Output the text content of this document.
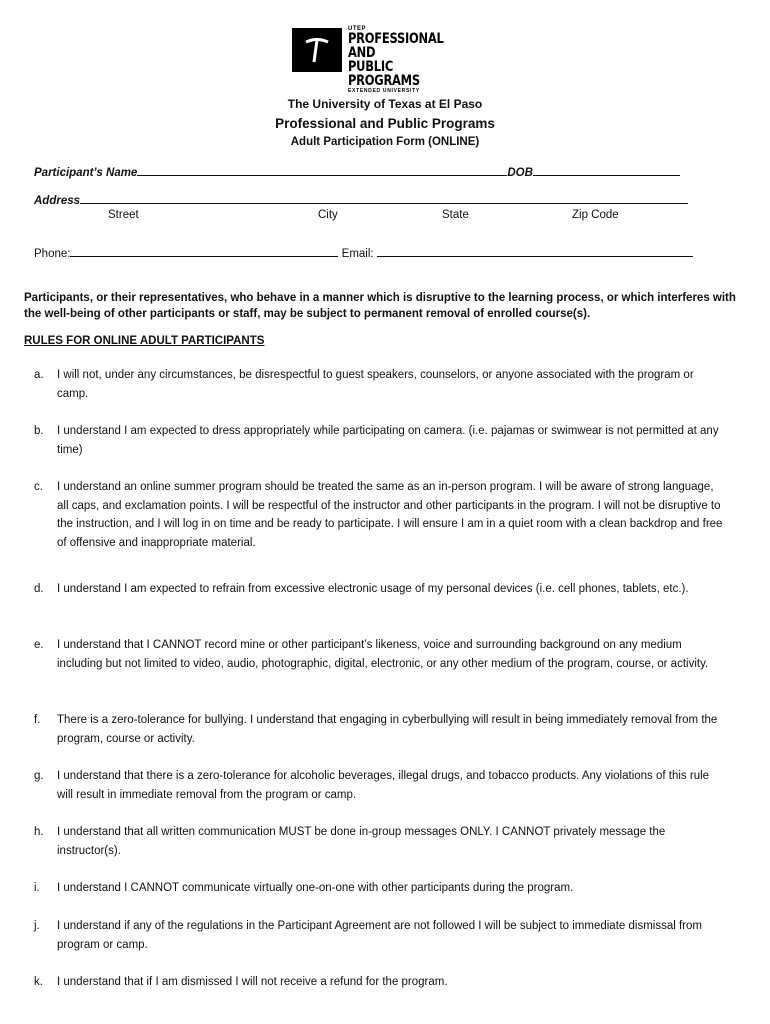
UTEP
PROFESSIONAL AND
PUBLIC PROGRAMS
EXTENDED UNIVERSITY
The University of Texas at El Paso
Professional and Public Programs
Adult Participation Form (ONLINE)
Participant’s Name	DOB
Address
Street	City	State	Zip Code
Phone:	Email:
Participants, or their representatives, who behave in a manner which is disruptive to the learning process, or which interferes with the well-being of other participants or staff, may be subject to permanent removal of enrolled course(s).
RULES FOR ONLINE ADULT PARTICIPANTS
a.	I will not, under any circumstances, be disrespectful to guest speakers, counselors, or anyone associated with the program or camp.
b.	I understand I am expected to dress appropriately while participating on camera. (i.e. pajamas or swimwear is not permitted at any time)
c.	I understand an online summer program should be treated the same as an in-person program. I will be aware of strong language, all caps, and exclamation points. I will be respectful of the instructor and other participants in the program. I will not be disruptive to the instruction, and I will log in on time and be ready to participate. I will ensure I am in a quiet room with a clean backdrop and free of offensive and inappropriate material.
d.	I understand I am expected to refrain from excessive electronic usage of my personal devices (i.e. cell phones, tablets, etc.).
e.	I understand that I CANNOT record mine or other participant’s likeness, voice and surrounding background on any medium including but not limited to video, audio, photographic, digital, electronic, or any other medium of the program, course, or activity.
f.	There is a zero-tolerance for bullying. I understand that engaging in cyberbullying will result in being immediately removal from the program, course or activity.
g.	I understand that there is a zero-tolerance for alcoholic beverages, illegal drugs, and tobacco products. Any violations of this rule will result in immediate removal from the program or camp.
h.	I understand that all written communication MUST be done in-group messages ONLY. I CANNOT privately message the instructor(s).
i.	I understand I CANNOT communicate virtually one-on-one with other participants during the program.
j.	I understand if any of the regulations in the Participant Agreement are not followed I will be subject to immediate dismissal from program or camp.
k.	I understand that if I am dismissed I will not receive a refund for the program.
